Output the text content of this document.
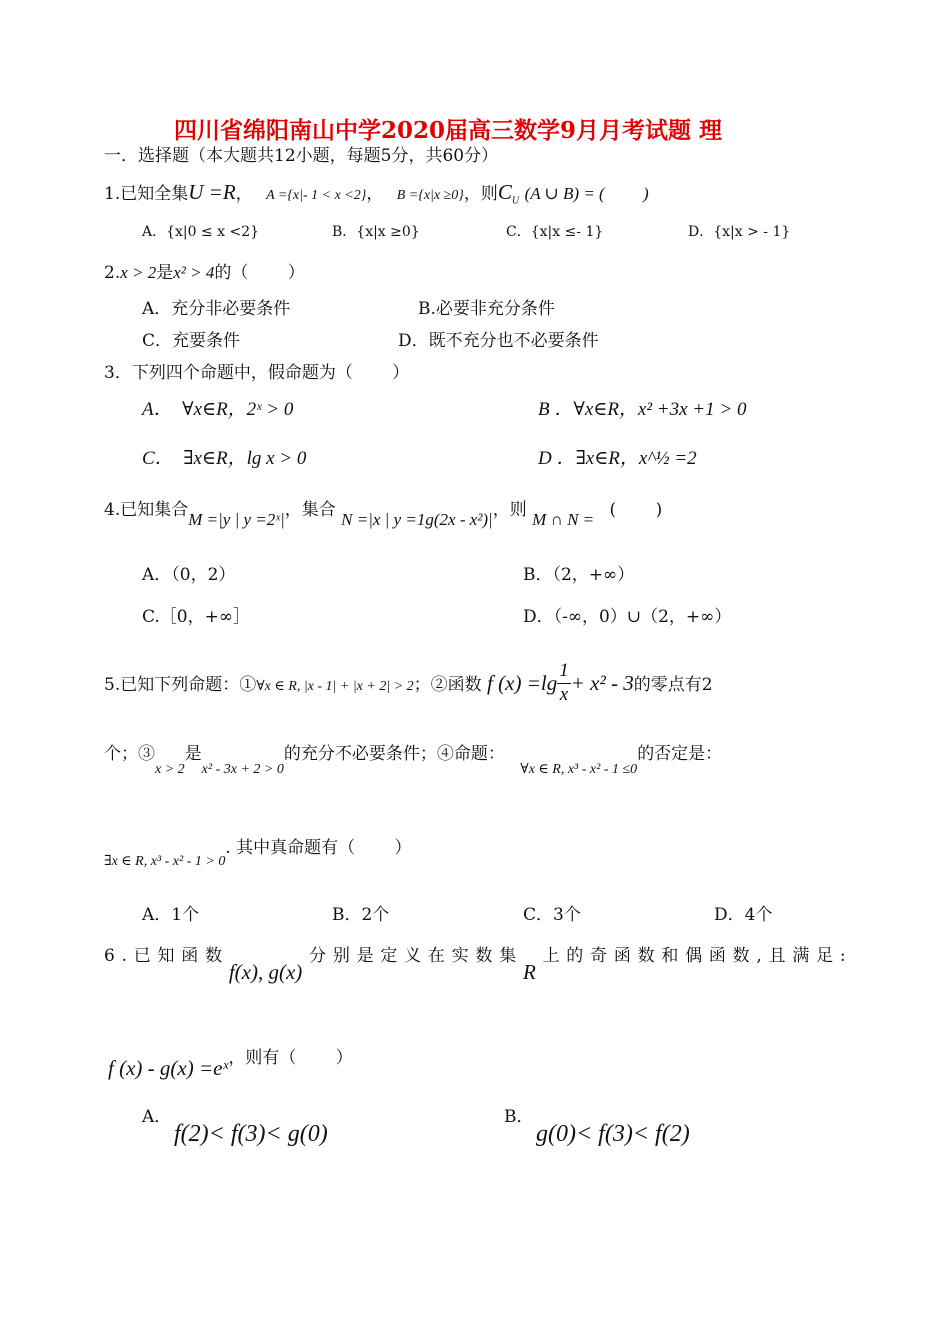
四川省绵阳南山中学2020届高三数学9月月考试题 理
一．选择题（本大题共12小题，每题5分，共60分）
1.已知全集U =R， A ={x|- 1 < x <2}， B ={x|x ≥0}，则$C_U$ (A ∪ B) = (　　 )
A．{x|0 ≤ x <2}	B．{x|x ≥0}	C．{x|x ≤- 1}	D．{x|x > - 1}
2.x > 2是x² > 4的（　　 ）
A．充分非必要条件	B.必要非充分条件
C．充要条件	D．既不充分也不必要条件
3．下列四个命题中，假命题为（　　 ）
A．　∀x∈R，2ˣ > 0	B ．∀x∈R，x² +3x +1 > 0
C．　∃x∈R，lg x > 0	D ．∃x∈R，x^½ =2
4.已知集合M =|y | y =2ˣ|，集合 N =|x | y =1g(2x - x²)|，则 M ∩ N = (　　 )
A．（0，2）	B．（2，+∞）
C.［0，+∞］	D．（-∞，0）∪（2，+∞）
5.已知下列命题：①∀x ∈ R, |x - 1| + |x + 2| > 2；②函数 f $(x) =\lg \frac{1}{x} + x^2 - 3$的零点有2
个；$③_{x > 2}$是$_{x^2 - 3x + 2 > 0}$的充分不必要条件；④命题： $_{\forall x \in R, x^3 - x^2 - 1 \le 0}$的否定是：
$_{\exists x \in R, x^3 - x^2 - 1 > 0}$. 其中真命题有（　　 ）
A．1个	B．2个	C．3个	D．4个
6 . 已 知 函 数
f(x), g(x)
分 别 是 定 义 在 实 数 集
R
上 的 奇 函 数 和 偶 函 数 , 且 满 足 :
f (x) - g(x) =eˣ，则有（　　 ）
A．
f(2)< f(3)< g(0)
B．
g(0)< f(3)< f(2)
